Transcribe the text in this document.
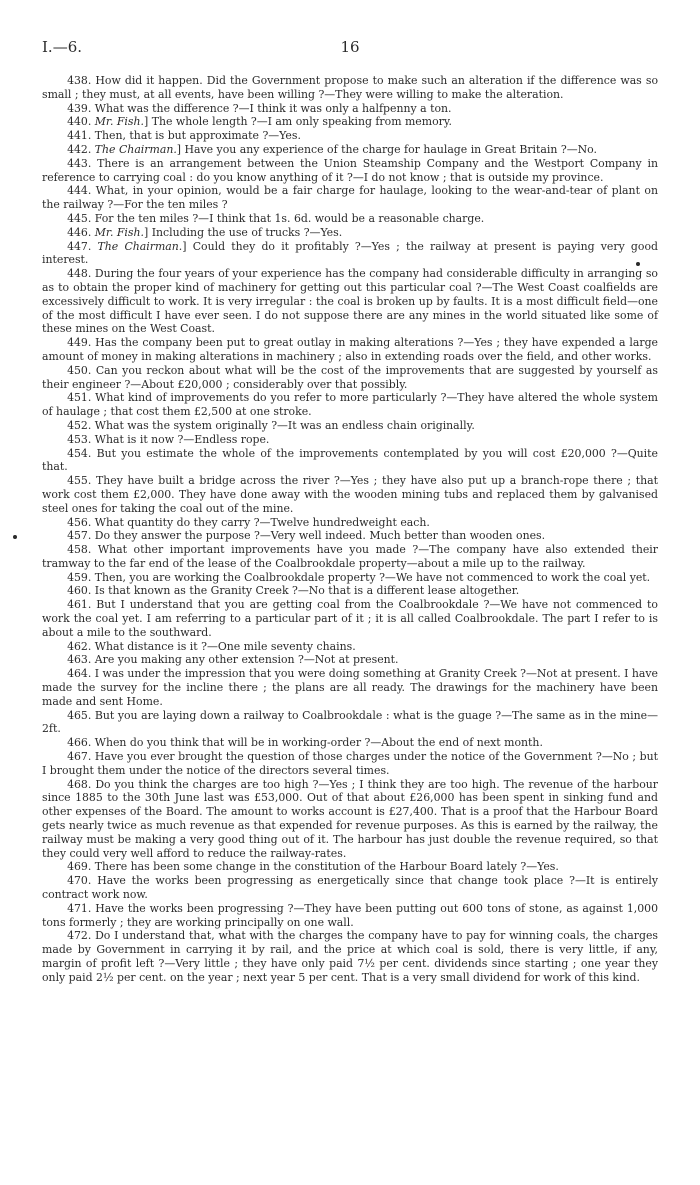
I.—6.	16

438. How did it happen. Did the Government propose to make such an alteration if the difference was so small ; they must, at all events, have been willing ?—They were willing to make the alteration.

439. What was the difference ?—I think it was only a halfpenny a ton.

440. Mr. Fish.] The whole length ?—I am only speaking from memory.

441. Then, that is but approximate ?—Yes.

442. The Chairman.] Have you any experience of the charge for haulage in Great Britain ?—No.

443. There is an arrangement between the Union Steamship Company and the Westport Company in reference to carrying coal : do you know anything of it ?—I do not know ; that is outside my province.

444. What, in your opinion, would be a fair charge for haulage, looking to the wear-and-tear of plant on the railway ?—For the ten miles ?

445. For the ten miles ?—I think that 1s. 6d. would be a reasonable charge.

446. Mr. Fish.] Including the use of trucks ?—Yes.

447. The Chairman.] Could they do it profitably ?—Yes ; the railway at present is paying very good interest.

448. During the four years of your experience has the company had considerable difficulty in arranging so as to obtain the proper kind of machinery for getting out this particular coal ?—The West Coast coalfields are excessively difficult to work. It is very irregular : the coal is broken up by faults. It is a most difficult field—one of the most difficult I have ever seen. I do not suppose there are any mines in the world situated like some of these mines on the West Coast.

449. Has the company been put to great outlay in making alterations ?—Yes ; they have expended a large amount of money in making alterations in machinery ; also in extending roads over the field, and other works.

450. Can you reckon about what will be the cost of the improvements that are suggested by yourself as their engineer ?—About £20,000 ; considerably over that possibly.

451. What kind of improvements do you refer to more particularly ?—They have altered the whole system of haulage ; that cost them £2,500 at one stroke.

452. What was the system originally ?—It was an endless chain originally.

453. What is it now ?—Endless rope.

454. But you estimate the whole of the improvements contemplated by you will cost £20,000 ?—Quite that.

455. They have built a bridge across the river ?—Yes ; they have also put up a branch-rope there ; that work cost them £2,000. They have done away with the wooden mining tubs and replaced them by galvanised steel ones for taking the coal out of the mine.

456. What quantity do they carry ?—Twelve hundredweight each.

457. Do they answer the purpose ?—Very well indeed. Much better than wooden ones.

458. What other important improvements have you made ?—The company have also extended their tramway to the far end of the lease of the Coalbrookdale property—about a mile up to the railway.

459. Then, you are working the Coalbrookdale property ?—We have not commenced to work the coal yet.

460. Is that known as the Granity Creek ?—No that is a different lease altogether.

461. But I understand that you are getting coal from the Coalbrookdale ?—We have not commenced to work the coal yet. I am referring to a particular part of it ; it is all called Coalbrookdale. The part I refer to is about a mile to the southward.

462. What distance is it ?—One mile seventy chains.

463. Are you making any other extension ?—Not at present.

464. I was under the impression that you were doing something at Granity Creek ?—Not at present. I have made the survey for the incline there ; the plans are all ready. The drawings for the machinery have been made and sent Home.

465. But you are laying down a railway to Coalbrookdale : what is the guage ?—The same as in the mine—2ft.

466. When do you think that will be in working-order ?—About the end of next month.

467. Have you ever brought the question of those charges under the notice of the Government ?—No ; but I brought them under the notice of the directors several times.

468. Do you think the charges are too high ?—Yes ; I think they are too high. The revenue of the harbour since 1885 to the 30th June last was £53,000. Out of that about £26,000 has been spent in sinking fund and other expenses of the Board. The amount to works account is £27,400. That is a proof that the Harbour Board gets nearly twice as much revenue as that expended for revenue purposes. As this is earned by the railway, the railway must be making a very good thing out of it. The harbour has just double the revenue required, so that they could very well afford to reduce the railway-rates.

469. There has been some change in the constitution of the Harbour Board lately ?—Yes.

470. Have the works been progressing as energetically since that change took place ?—It is entirely contract work now.

471. Have the works been progressing ?—They have been putting out 600 tons of stone, as against 1,000 tons formerly ; they are working principally on one wall.

472. Do I understand that, what with the charges the company have to pay for winning coals, the charges made by Government in carrying it by rail, and the price at which coal is sold, there is very little, if any, margin of profit left ?—Very little ; they have only paid 7½ per cent. dividends since starting ; one year they only paid 2½ per cent. on the year ; next year 5 per cent. That is a very small dividend for work of this kind.
